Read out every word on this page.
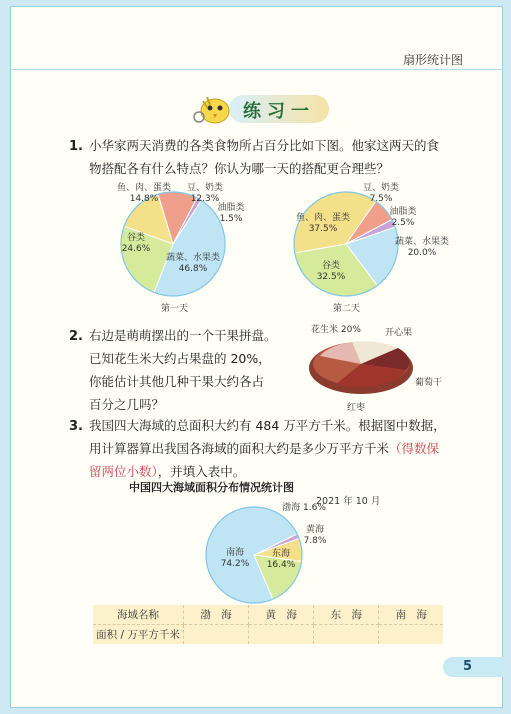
扇形统计图
练习一
1. 小华家两天消费的各类食物所占百分比如下图。他家这两天的食
物搭配各有什么特点？你认为哪一天的搭配更合理些？
鱼、肉、蛋类
14.8%
豆、奶类
12.3%
油脂类
1.5%
谷类
24.6%
蔬菜、水果类
46.8%
第一天
鱼、肉、蛋类
37.5%
豆、奶类
7.5%
油脂类
2.5%
蔬菜、水果类
20.0%
谷类
32.5%
第二天
2. 右边是萌萌摆出的一个干果拼盘。
已知花生米大约占果盘的 20%，
你能估计其他几种干果大约各占
百分之几吗？
花生米 20%	开心果
葡萄干
红枣
3. 我国四大海域的总面积大约有 484 万平方千米。根据图中数据，
用计算器算出我国各海域的面积大约是多少万平方千米（得数保
留两位小数），并填入表中。
中国四大海域面积分布情况统计图
2021 年 10 月
渤海 1.6%
黄海
7.8%
东海
16.4%
南海
74.2%
海域名称	渤　海	黄　海	东　海	南　海
面积 / 万平方千米				
5
